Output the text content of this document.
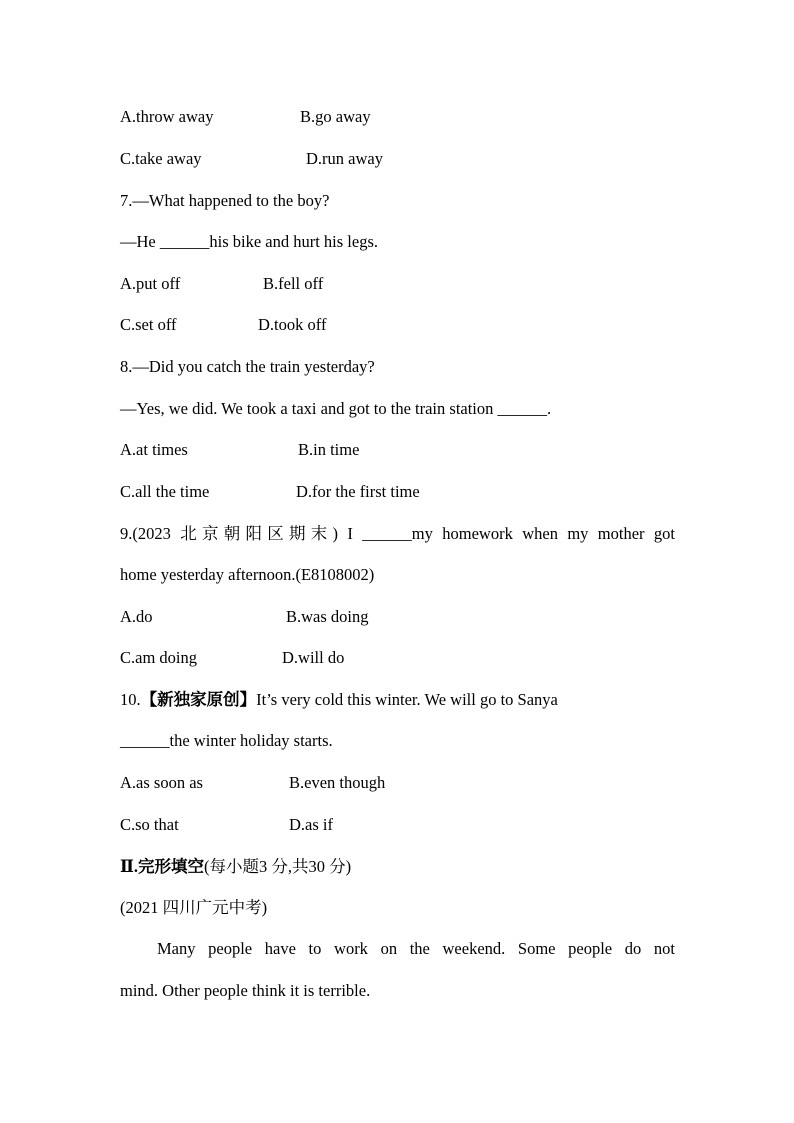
A.throw away	B.go away
C.take away	D.run away
7.—What happened to the boy?
—He ______his bike and hurt his legs.
A.put off	B.fell off
C.set off	D.took off
8.—Did you catch the train yesterday?
—Yes, we did. We took a taxi and got to the train station ______.
A.at times	B.in time
C.all the time	D.for the first time
9.(2023 北京朝阳区期末) I ______my homework when my mother got
home yesterday afternoon.(E8108002)
A.do	B.was doing
C.am doing	D.will do
10.【新独家原创】It’s very cold this winter. We will go to Sanya
______the winter holiday starts.
A.as soon as	B.even though
C.so that	D.as if
Ⅱ.完形填空(每小题3 分,共30 分)
(2021 四川广元中考)
Many people have to work on the weekend. Some people do not
mind. Other people think it is terrible.
